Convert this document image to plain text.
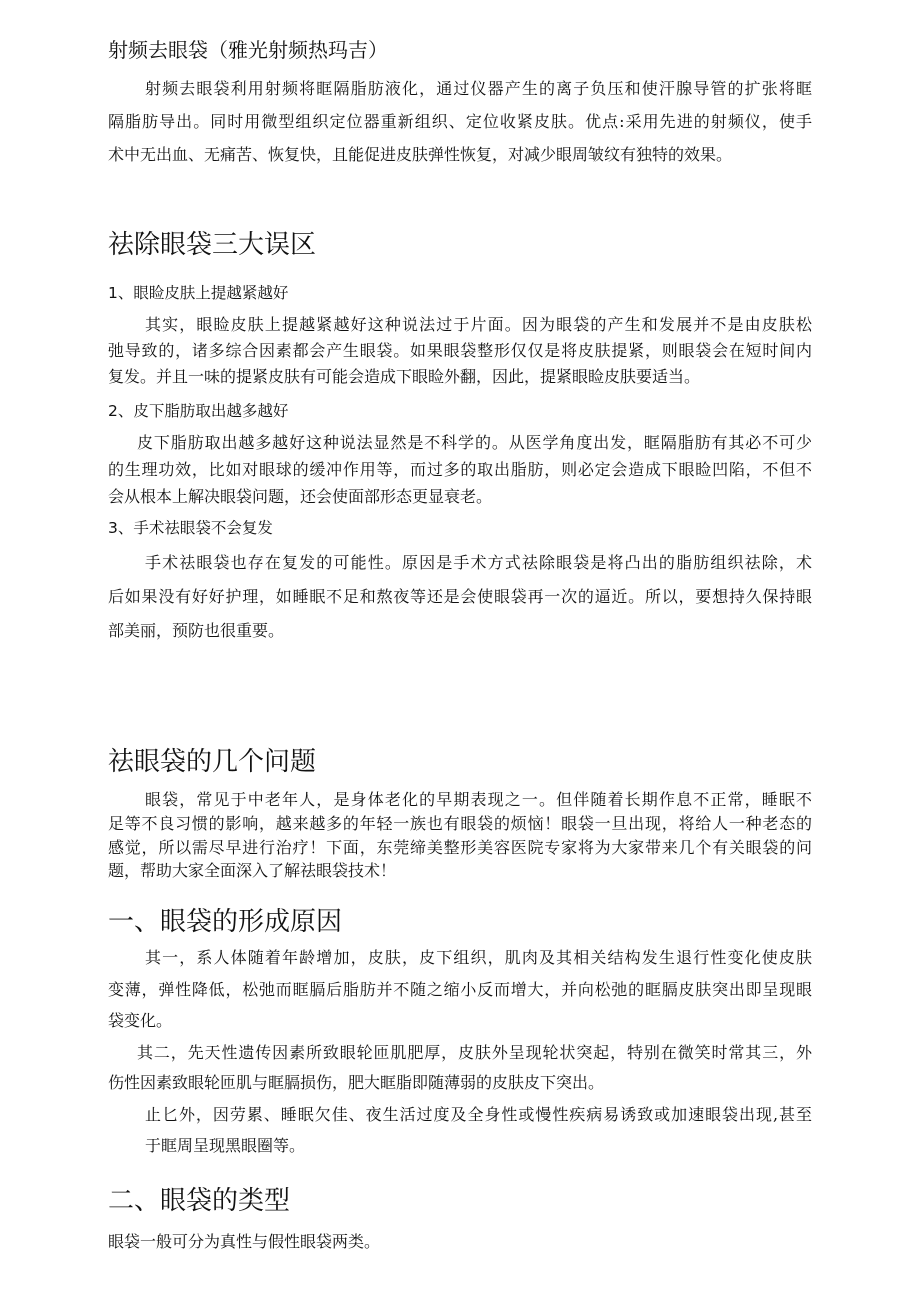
射频去眼袋（雅光射频热玛吉）
射频去眼袋利用射频将眶隔脂肪液化，通过仪器产生的离子负压和使汗腺导管的扩张将眶
隔脂肪导出。同时用微型组织定位器重新组织、定位收紧皮肤。优点:采用先进的射频仪，使手
术中无出血、无痛苦、恢复快，且能促进皮肤弹性恢复，对减少眼周皱纹有独特的效果。
祛除眼袋三大误区
1、眼睑皮肤上提越紧越好
其实，眼睑皮肤上提越紧越好这种说法过于片面。因为眼袋的产生和发展并不是由皮肤松
弛导致的，诸多综合因素都会产生眼袋。如果眼袋整形仅仅是将皮肤提紧，则眼袋会在短时间内
复发。并且一味的提紧皮肤有可能会造成下眼睑外翻，因此，提紧眼睑皮肤要适当。
2、皮下脂肪取出越多越好
皮下脂肪取出越多越好这种说法显然是不科学的。从医学角度出发，眶隔脂肪有其必不可少
的生理功效，比如对眼球的缓冲作用等，而过多的取出脂肪，则必定会造成下眼睑凹陷，不但不
会从根本上解决眼袋问题，还会使面部形态更显衰老。
3、手术祛眼袋不会复发
手术祛眼袋也存在复发的可能性。原因是手术方式祛除眼袋是将凸出的脂肪组织祛除，术
后如果没有好好护理，如睡眠不足和熬夜等还是会使眼袋再一次的逼近。所以，要想持久保持眼
部美丽，预防也很重要。
祛眼袋的几个问题
眼袋，常见于中老年人，是身体老化的早期表现之一。但伴随着长期作息不正常，睡眠不
足等不良习惯的影响，越来越多的年轻一族也有眼袋的烦恼！眼袋一旦出现，将给人一种老态的
感觉，所以需尽早进行治疗！下面，东莞缔美整形美容医院专家将为大家带来几个有关眼袋的问
题，帮助大家全面深入了解祛眼袋技术！
一、眼袋的形成原因
其一，系人体随着年龄增加，皮肤，皮下组织，肌肉及其相关结构发生退行性变化使皮肤
变薄，弹性降低，松弛而眶膈后脂肪并不随之缩小反而增大，并向松弛的眶膈皮肤突出即呈现眼
袋变化。
其二，先天性遗传因素所致眼轮匝肌肥厚，皮肤外呈现轮状突起，特别在微笑时常其三，外
伤性因素致眼轮匝肌与眶膈损伤，肥大眶脂即随薄弱的皮肤皮下突出。
止匕外，因劳累、睡眠欠佳、夜生活过度及全身性或慢性疾病易诱致或加速眼袋出现,甚至
于眶周呈现黑眼圈等。
二、眼袋的类型
眼袋一般可分为真性与假性眼袋两类。
